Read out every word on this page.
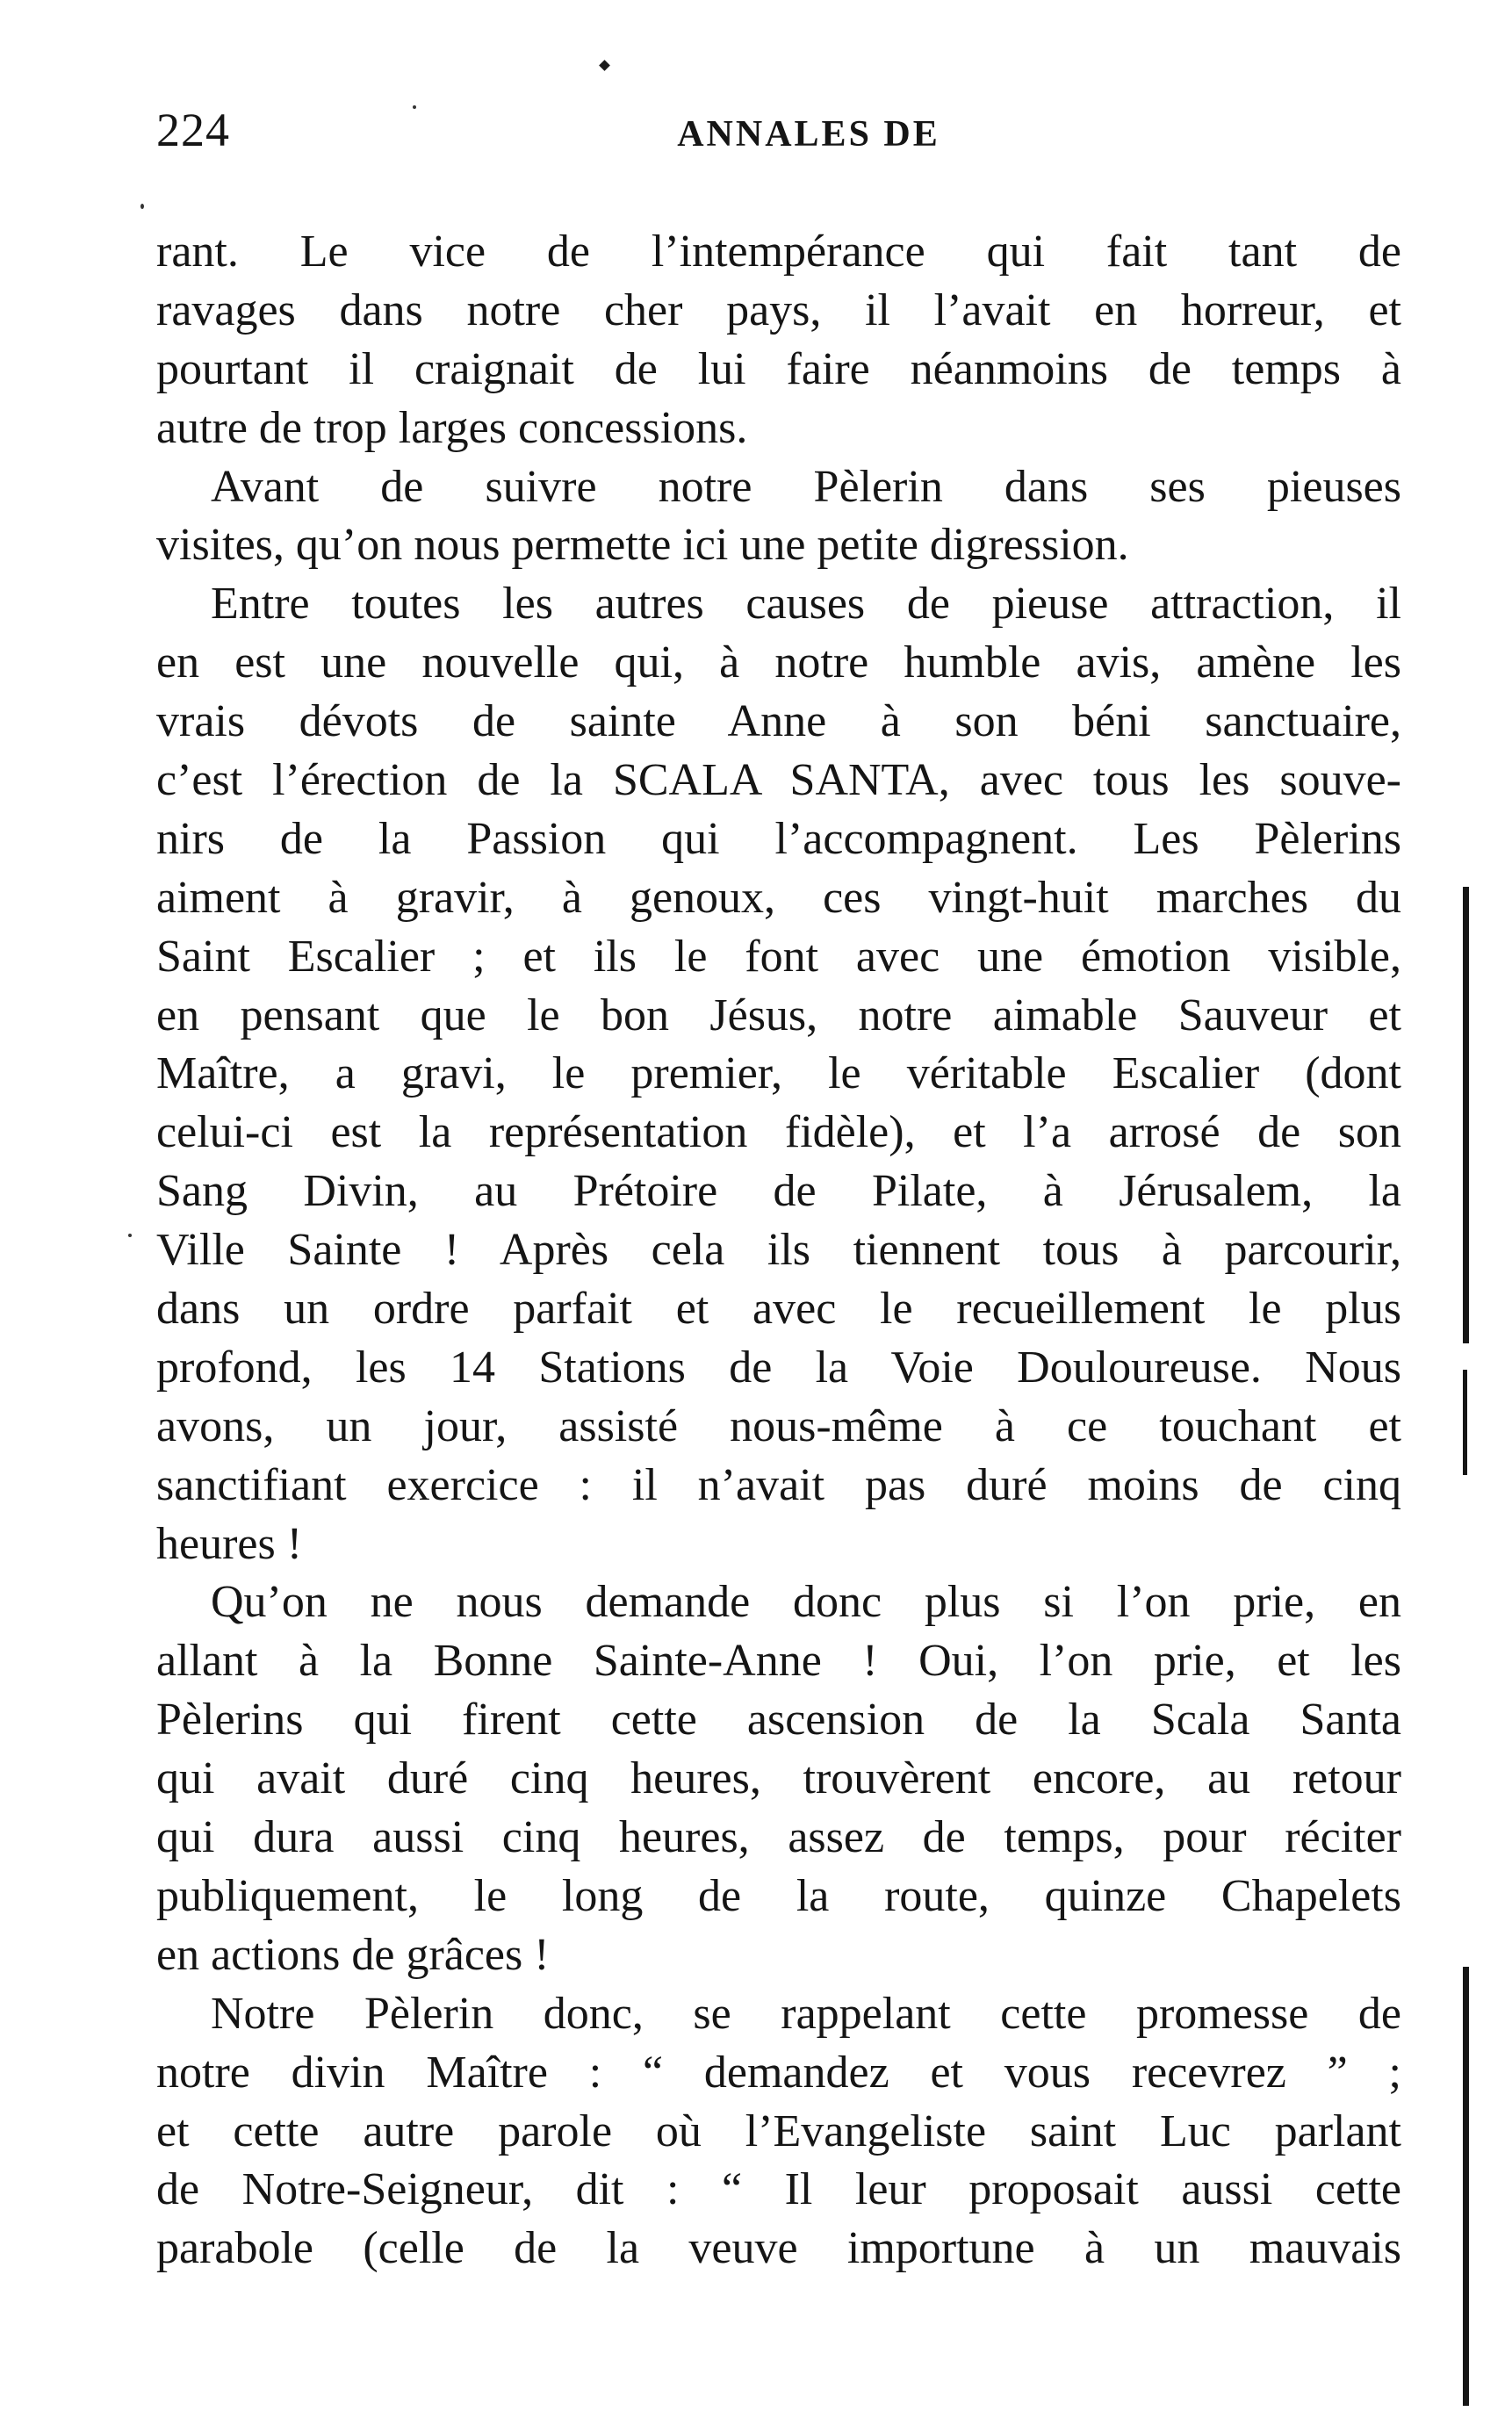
224	ANNALES DE
rant. Le vice de l’intempérance qui fait tant de
ravages dans notre cher pays, il l’avait en horreur, et
pourtant il craignait de lui faire néanmoins de temps à
autre de trop larges concessions.
Avant de suivre notre Pèlerin dans ses pieuses
visites, qu’on nous permette ici une petite digression.
Entre toutes les autres causes de pieuse attraction, il
en est une nouvelle qui, à notre humble avis, amène les
vrais dévots de sainte Anne à son béni sanctuaire,
c’est l’érection de la SCALA SANTA, avec tous les souve-
nirs de la Passion qui l’accompagnent. Les Pèlerins
aiment à gravir, à genoux, ces vingt-huit marches du
Saint Escalier ; et ils le font avec une émotion visible,
en pensant que le bon Jésus, notre aimable Sauveur et
Maître, a gravi, le premier, le véritable Escalier (dont
celui-ci est la représentation fidèle), et l’a arrosé de son
Sang Divin, au Prétoire de Pilate, à Jérusalem, la
Ville Sainte ! Après cela ils tiennent tous à parcourir,
dans un ordre parfait et avec le recueillement le plus
profond, les 14 Stations de la Voie Douloureuse. Nous
avons, un jour, assisté nous-même à ce touchant et
sanctifiant exercice : il n’avait pas duré moins de cinq
heures !
Qu’on ne nous demande donc plus si l’on prie, en
allant à la Bonne Sainte-Anne ! Oui, l’on prie, et les
Pèlerins qui firent cette ascension de la Scala Santa
qui avait duré cinq heures, trouvèrent encore, au retour
qui dura aussi cinq heures, assez de temps, pour réciter
publiquement, le long de la route, quinze Chapelets
en actions de grâces !
Notre Pèlerin donc, se rappelant cette promesse de
notre divin Maître : “ demandez et vous recevrez ” ;
et cette autre parole où l’Evangeliste saint Luc parlant
de Notre-Seigneur, dit : “ Il leur proposait aussi cette
parabole (celle de la veuve importune à un mauvais
